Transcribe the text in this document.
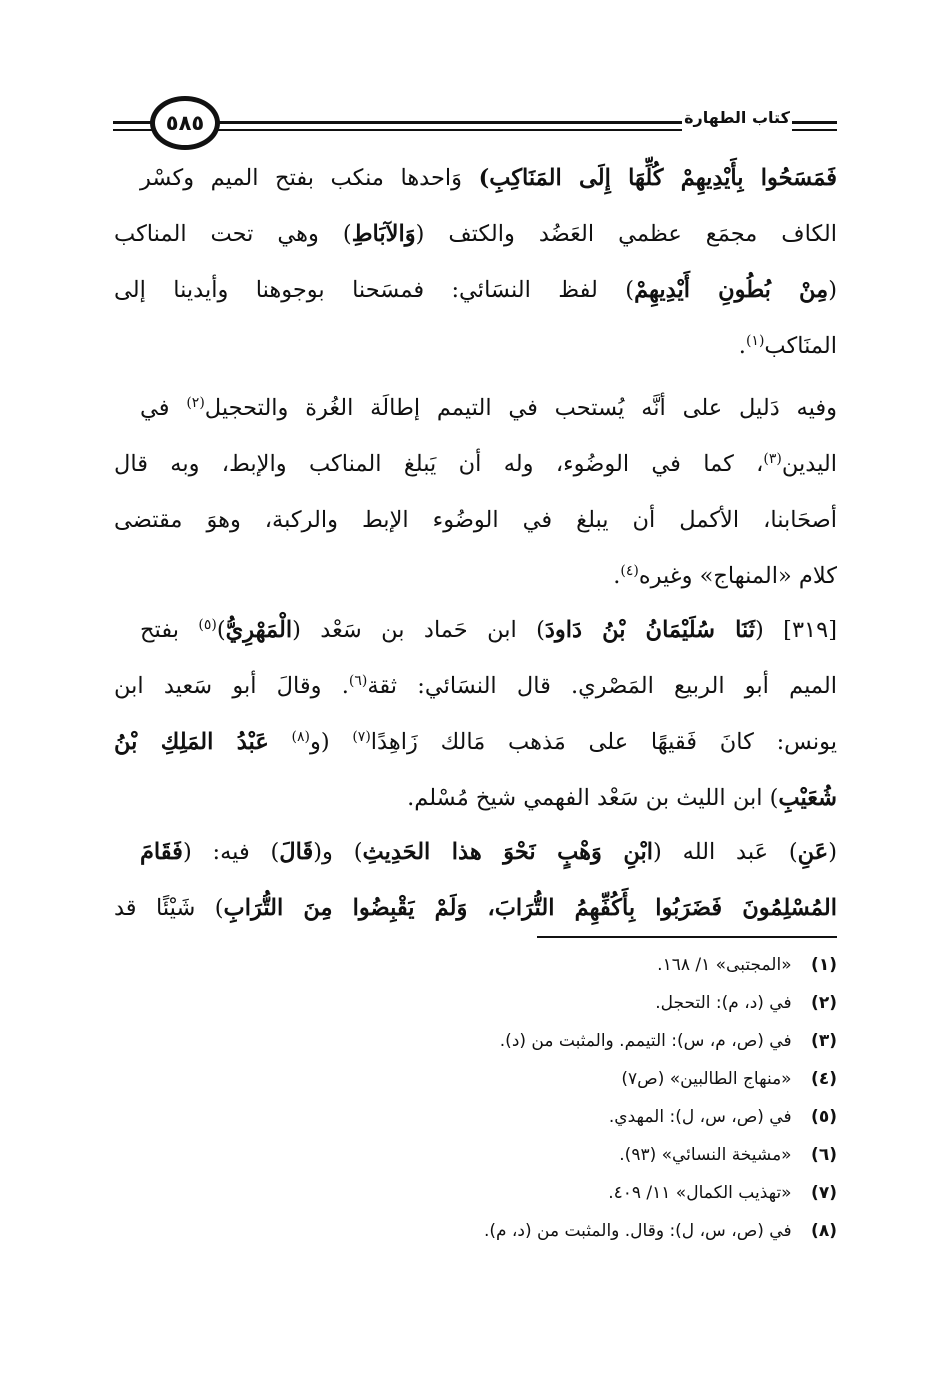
٥٨٥	كتاب الطهارة
فَمَسَحُوا بِأَيْدِيهِمْ كُلِّهَا إِلَى المَنَاكِبِ) وَاحدها منكب بفتح الميم وكسْر
الكاف مجمَع عظمي العَضُد والكتف (وَالآبَاطِ) وهي تحت المناكب
(مِنْ بُطُونِ أَيْدِيهِمْ) لفظ النسَائي: فمسَحنا بوجوهنا وأيدينا إلى
المنَاكب$^{(١)}$.
وفيه دَليل على أنَّه يُستحب في التيمم إطالَة الغُرة والتحجيل$^{(٢)}$ في
اليدين$^{(٣)}$، كما في الوضُوء، وله أن يَبلغ المناكب والإبط، وبه قال
أصحَابنا، الأكمل أن يبلغ في الوضُوء الإبط والركبة، وهوَ مقتضى
كلام «المنهاج» وغيره$^{(٤)}$.
[٣١٩] (ثَنَا سُلَيْمَانُ بْنُ دَاودَ) ابن حَماد بن سَعْد (الْمَهْرِيُّ)$^{(٥)}$ بفتح
الميم أبو الربيع المَصْري. قال النسَائي: ثقة$^{(٦)}$. وقالَ أبو سَعيد ابن
يونس: كانَ فَقيهًا على مَذهب مَالك زَاهِدًا$^{(٧)}$ (و$^{(٨)}$ عَبْدُ المَلِكِ بْنُ
شُعَيْبِ) ابن الليث بن سَعْد الفهمي شيخ مُسْلم.
(عَنِ) عَبد الله (ابْنِ وَهْبٍ نَحْوَ هذا الحَدِيثِ) و(قَالَ) فيه: (فَقَامَ
المُسْلِمُونَ فَضَرَبُوا بِأَكُفِّهِمُ التُّرَابَ، وَلَمْ يَقْبِضُوا مِنَ التُّرَابِ) شَيْئًا قد
(١) «المجتبى» ١/ ١٦٨.
(٢) في (د، م): التحجل.
(٣) في (ص، م، س): التيمم. والمثبت من (د).
(٤) «منهاج الطالبين» (ص٧)
(٥) في (ص، س، ل): المهدي.
(٦) «مشيخة النسائي» (٩٣).
(٧) «تهذيب الكمال» ١١/ ٤٠٩.
(٨) في (ص، س، ل): وقال. والمثبت من (د، م).
